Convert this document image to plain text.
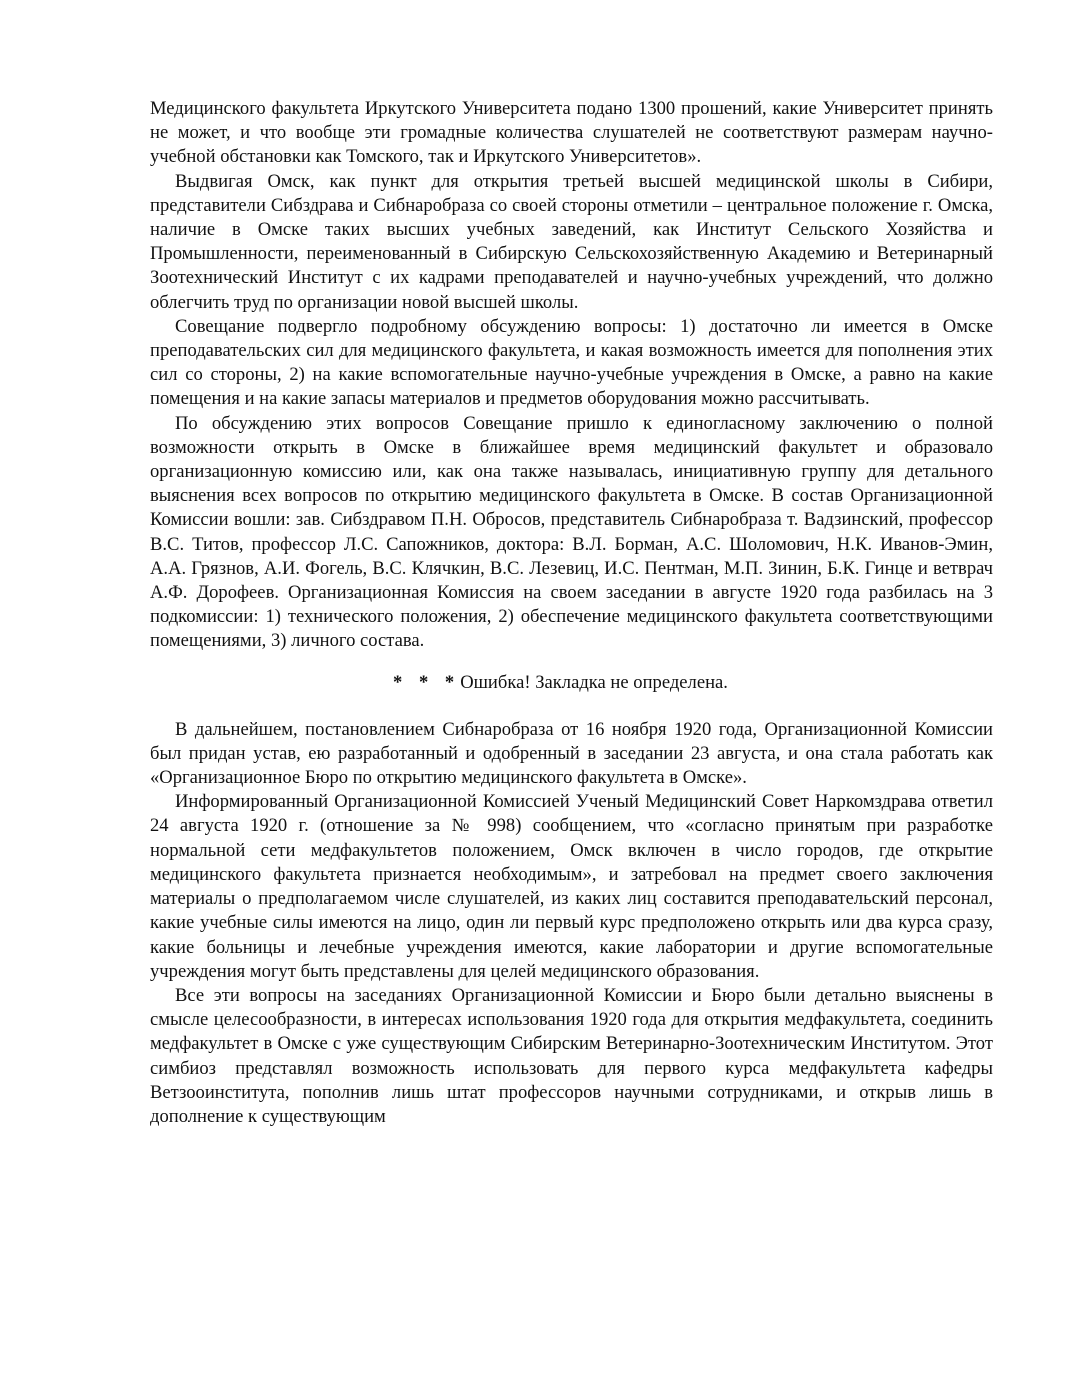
Медицинского факультета Иркутского Университета подано 1300 прошений, какие Университет принять не может, и что вообще эти громадные количества слушателей не соответствуют размерам научно-учебной обстановки как Томского, так и Иркутского Университетов».

Выдвигая Омск, как пункт для открытия третьей высшей медицинской школы в Сибири, представители Сибздрава и Сибнаробраза со своей стороны отметили – центральное положение г. Омска, наличие в Омске таких высших учебных заведений, как Институт Сельского Хозяйства и Промышленности, переименованный в Сибирскую Сельскохозяйственную Академию и Ветеринарный Зоотехнический Институт с их кадрами преподавателей и научно-учебных учреждений, что должно облегчить труд по организации новой высшей школы.

Совещание подвергло подробному обсуждению вопросы: 1) достаточно ли имеется в Омске преподавательских сил для медицинского факультета, и какая возможность имеется для пополнения этих сил со стороны, 2) на какие вспомогательные научно-учебные учреждения в Омске, а равно на какие помещения и на какие запасы материалов и предметов оборудования можно рассчитывать.

По обсуждению этих вопросов Совещание пришло к единогласному заключению о полной возможности открыть в Омске в ближайшее время медицинский факультет и образовало организационную комиссию или, как она также называлась, инициативную группу для детального выяснения всех вопросов по открытию медицинского факультета в Омске. В состав Организационной Комиссии вошли: зав. Сибздравом П.Н. Обросов, представитель Сибнаробраза т. Вадзинский, профессор В.С. Титов, профессор Л.С. Сапожников, доктора: В.Л. Борман, А.С. Шоломович, Н.К. Иванов-Эмин, А.А. Грязнов, А.И. Фогель, В.С. Клячкин, В.С. Лезевиц, И.С. Пентман, М.П. Зинин, Б.К. Гинце и ветврач А.Ф. Дорофеев. Организационная Комиссия на своем заседании в августе 1920 года разбилась на 3 подкомиссии: 1) технического положения, 2) обеспечение медицинского факультета соответствующими помещениями, 3) личного состава.

* * *Ошибка! Закладка не определена.

В дальнейшем, постановлением Сибнаробраза от 16 ноября 1920 года, Организационной Комиссии был придан устав, ею разработанный и одобренный в заседании 23 августа, и она стала работать как «Организационное Бюро по открытию медицинского факультета в Омске».

Информированный Организационной Комиссией Ученый Медицинский Совет Наркомздрава ответил 24 августа 1920 г. (отношение за № 998) сообщением, что «согласно принятым при разработке нормальной сети медфакультетов положением, Омск включен в число городов, где открытие медицинского факультета признается необходимым», и затребовал на предмет своего заключения материалы о предполагаемом числе слушателей, из каких лиц составится преподавательский персонал, какие учебные силы имеются на лицо, один ли первый курс предположено открыть или два курса сразу, какие больницы и лечебные учреждения имеются, какие лаборатории и другие вспомогательные учреждения могут быть представлены для целей медицинского образования.

Все эти вопросы на заседаниях Организационной Комиссии и Бюро были детально выяснены в смысле целесообразности, в интересах использования 1920 года для открытия медфакультета, соединить медфакультет в Омске с уже существующим Сибирским Ветеринарно-Зоотехническим Институтом. Этот симбиоз представлял возможность использовать для первого курса медфакультета кафедры Ветзооинститута, пополнив лишь штат профессоров научными сотрудниками, и открыв лишь в дополнение к существующим
